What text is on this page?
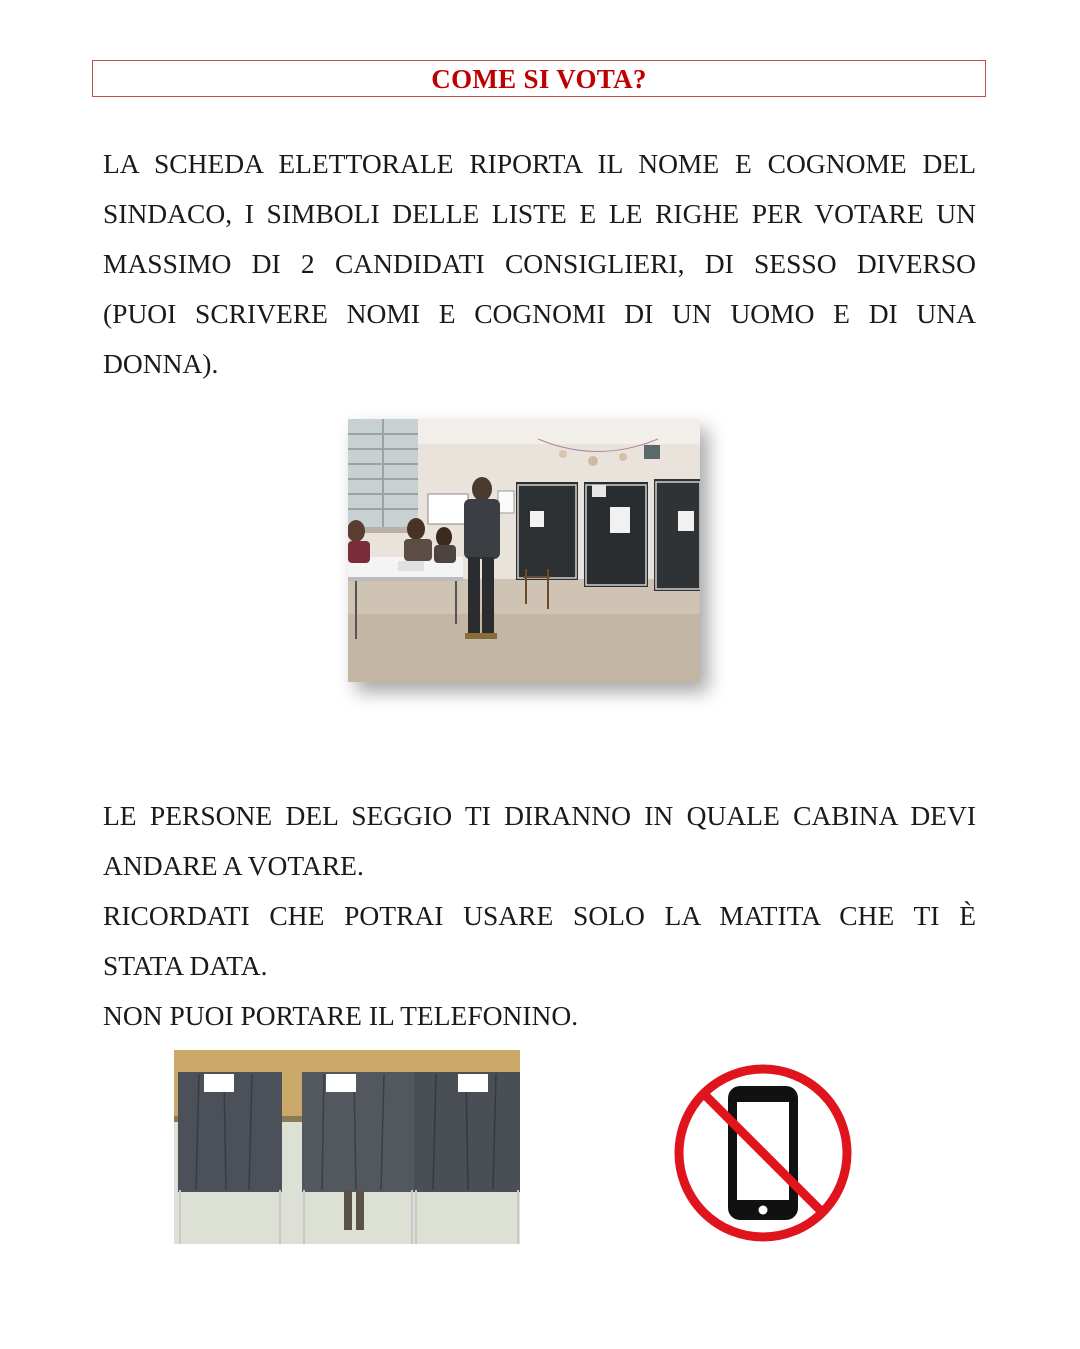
COME SI VOTA?
LA SCHEDA ELETTORALE RIPORTA IL NOME E COGNOME DEL
SINDACO, I SIMBOLI DELLE LISTE E LE RIGHE PER VOTARE UN
MASSIMO DI 2 CANDIDATI CONSIGLIERI, DI SESSO DIVERSO
(PUOI SCRIVERE NOMI E COGNOMI DI UN UOMO E DI UNA
DONNA).
LE PERSONE DEL SEGGIO TI DIRANNO IN QUALE CABINA DEVI
ANDARE A VOTARE.
RICORDATI CHE POTRAI USARE SOLO LA MATITA CHE TI È
STATA DATA.
NON PUOI PORTARE IL TELEFONINO.
